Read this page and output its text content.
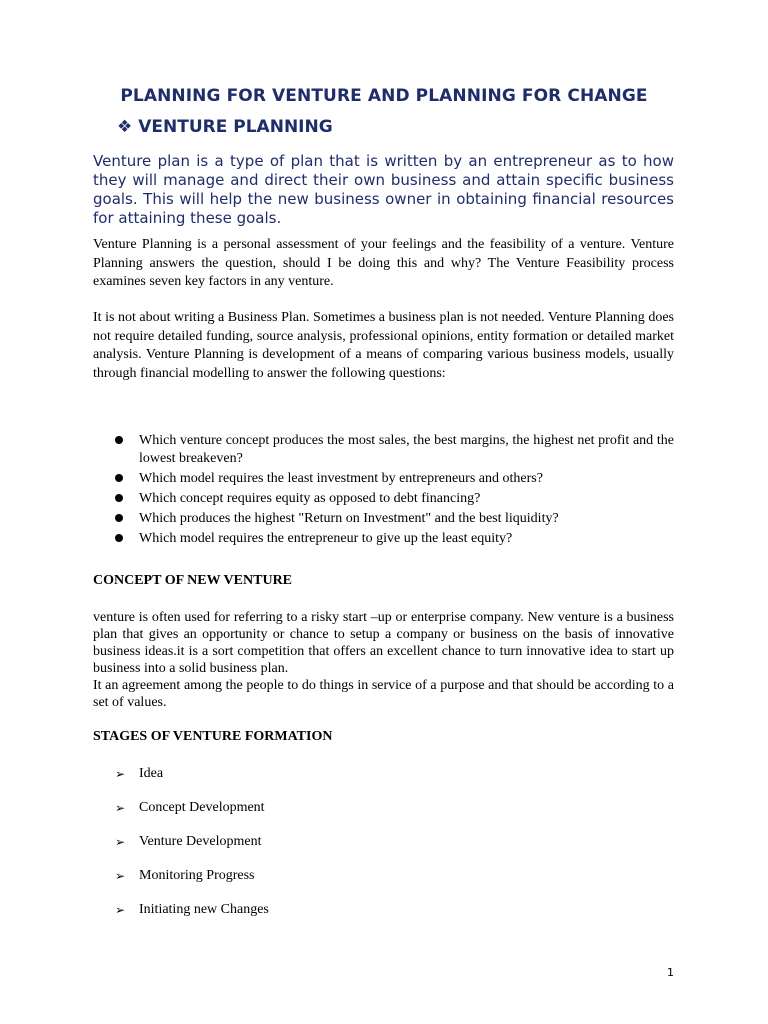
PLANNING FOR VENTURE AND PLANNING FOR CHANGE
❖ VENTURE PLANNING

Venture plan is a type of plan that is written by an entrepreneur as to how they will manage and direct their own business and attain specific business goals. This will help the new business owner in obtaining financial resources for attaining these goals.

Venture Planning is a personal assessment of your feelings and the feasibility of a venture. Venture Planning answers the question, should I be doing this and why? The Venture Feasibility process examines seven key factors in any venture.

It is not about writing a Business Plan. Sometimes a business plan is not needed. Venture Planning does not require detailed funding, source analysis, professional opinions, entity formation or detailed market analysis. Venture Planning is development of a means of comparing various business models, usually through financial modelling to answer the following questions:

Which venture concept produces the most sales, the best margins, the highest net profit and the lowest breakeven?
Which model requires the least investment by entrepreneurs and others?
Which concept requires equity as opposed to debt financing?
Which produces the highest "Return on Investment" and the best liquidity?
Which model requires the entrepreneur to give up the least equity?
CONCEPT OF NEW VENTURE

venture is often used for referring to a risky start –up or enterprise company. New venture is a business plan that gives an opportunity or chance to setup a company or business on the basis of innovative business ideas.it is a sort competition that offers an excellent chance to turn innovative idea to start up business into a solid business plan.
It an agreement among the people to do things in service of a purpose and that should be according to a set of values.

STAGES OF VENTURE FORMATION
➢ Idea
➢ Concept Development
➢ Venture Development
➢ Monitoring Progress
➢ Initiating new Changes
1
